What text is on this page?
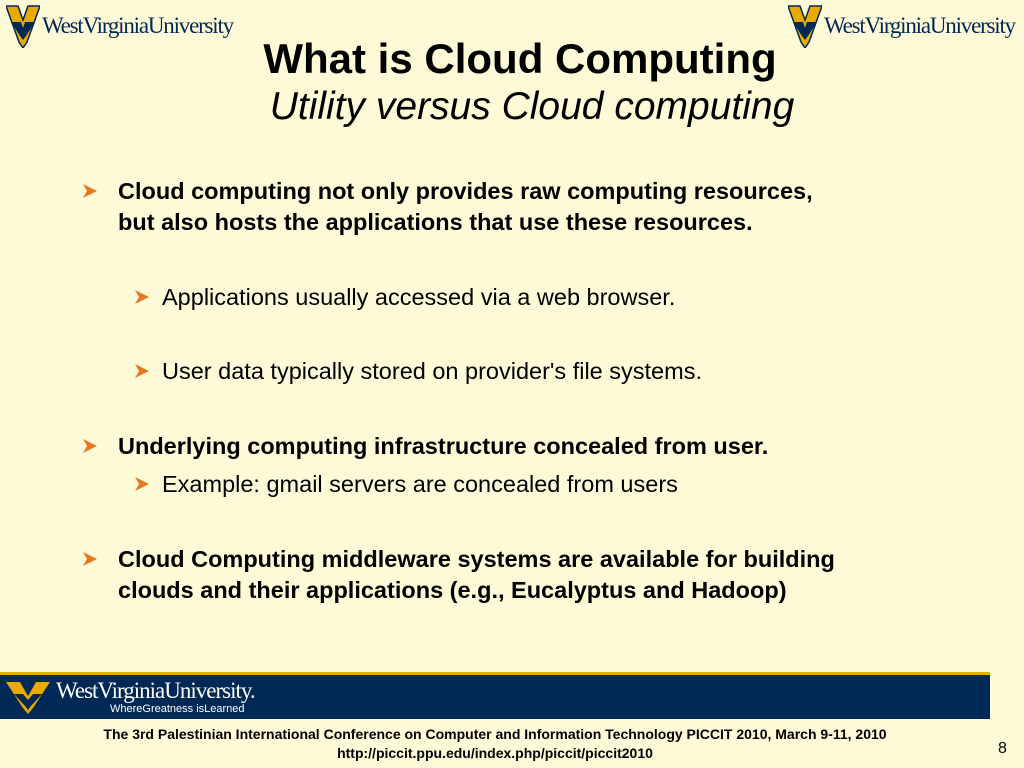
WestVirginiaUniversity	WestVirginiaUniversity
What is Cloud Computing
Utility versus Cloud computing
Cloud computing not only provides raw computing resources,
but also hosts the applications that use these resources.
Applications usually accessed via a web browser.
User data typically stored on provider's file systems.
Underlying computing infrastructure concealed from user.
Example: gmail servers are concealed from users
Cloud Computing middleware systems are available for building
clouds and their applications (e.g., Eucalyptus and Hadoop)
WestVirginiaUniversity.
WhereGreatness isLearned
The 3rd Palestinian International Conference on Computer and Information Technology PICCIT 2010, March 9-11, 2010
http://piccit.ppu.edu/index.php/piccit/piccit2010	8
